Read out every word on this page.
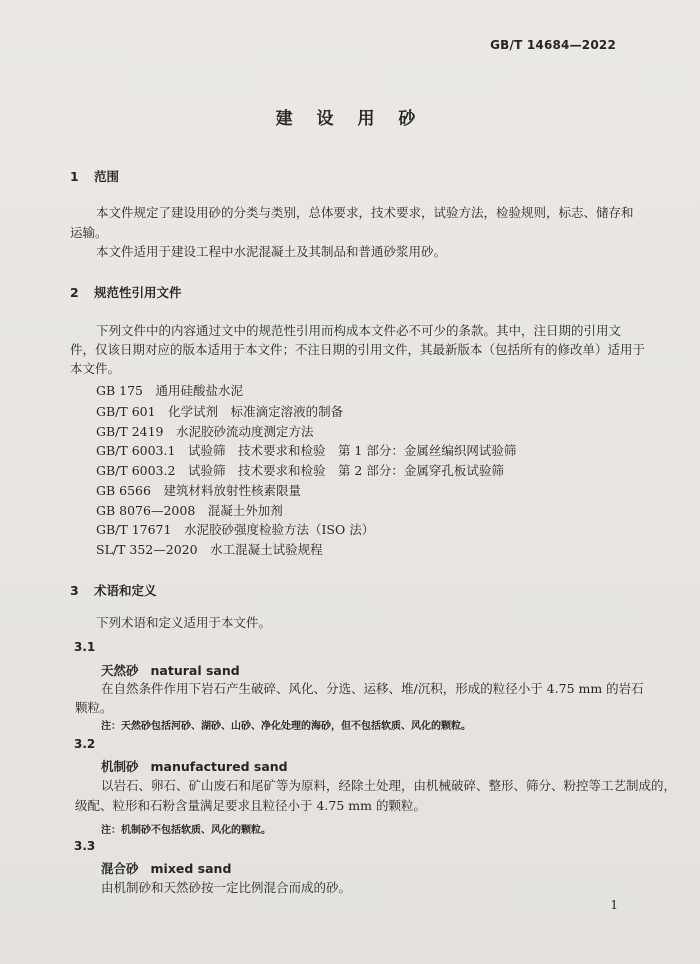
GB/T 14684—2022
建 设 用 砂
1 范围
本文件规定了建设用砂的分类与类别，总体要求，技术要求，试验方法，检验规则，标志、储存和
运输。
本文件适用于建设工程中水泥混凝土及其制品和普通砂浆用砂。
2 规范性引用文件
下列文件中的内容通过文中的规范性引用而构成本文件必不可少的条款。其中，注日期的引用文
件，仅该日期对应的版本适用于本文件；不注日期的引用文件，其最新版本（包括所有的修改单）适用于
本文件。
GB 175　 通用硅酸盐水泥
GB/T 601　 化学试剂　标准滴定溶液的制备
GB/T 2419　 水泥胶砂流动度测定方法
GB/T 6003.1　 试验筛　技术要求和检验　第 1 部分：金属丝编织网试验筛
GB/T 6003.2　 试验筛　技术要求和检验　第 2 部分：金属穿孔板试验筛
GB 6566　 建筑材料放射性核素限量
GB 8076—2008　 混凝土外加剂
GB/T 17671　 水泥胶砂强度检验方法（ISO 法）
SL/T 352—2020　 水工混凝土试验规程
3 术语和定义
下列术语和定义适用于本文件。
3.1
天然砂 natural sand
在自然条件作用下岩石产生破碎、风化、分选、运移、堆/沉积，形成的粒径小于 4.75 mm 的岩石
颗粒。
注：天然砂包括河砂、湖砂、山砂、净化处理的海砂，但不包括软质、风化的颗粒。
3.2
机制砂 manufactured sand
以岩石、卵石、矿山废石和尾矿等为原料，经除土处理，由机械破碎、整形、筛分、粉控等工艺制成的，
级配、粒形和石粉含量满足要求且粒径小于 4.75 mm 的颗粒。
注：机制砂不包括软质、风化的颗粒。
3.3
混合砂 mixed sand
由机制砂和天然砂按一定比例混合而成的砂。
1
